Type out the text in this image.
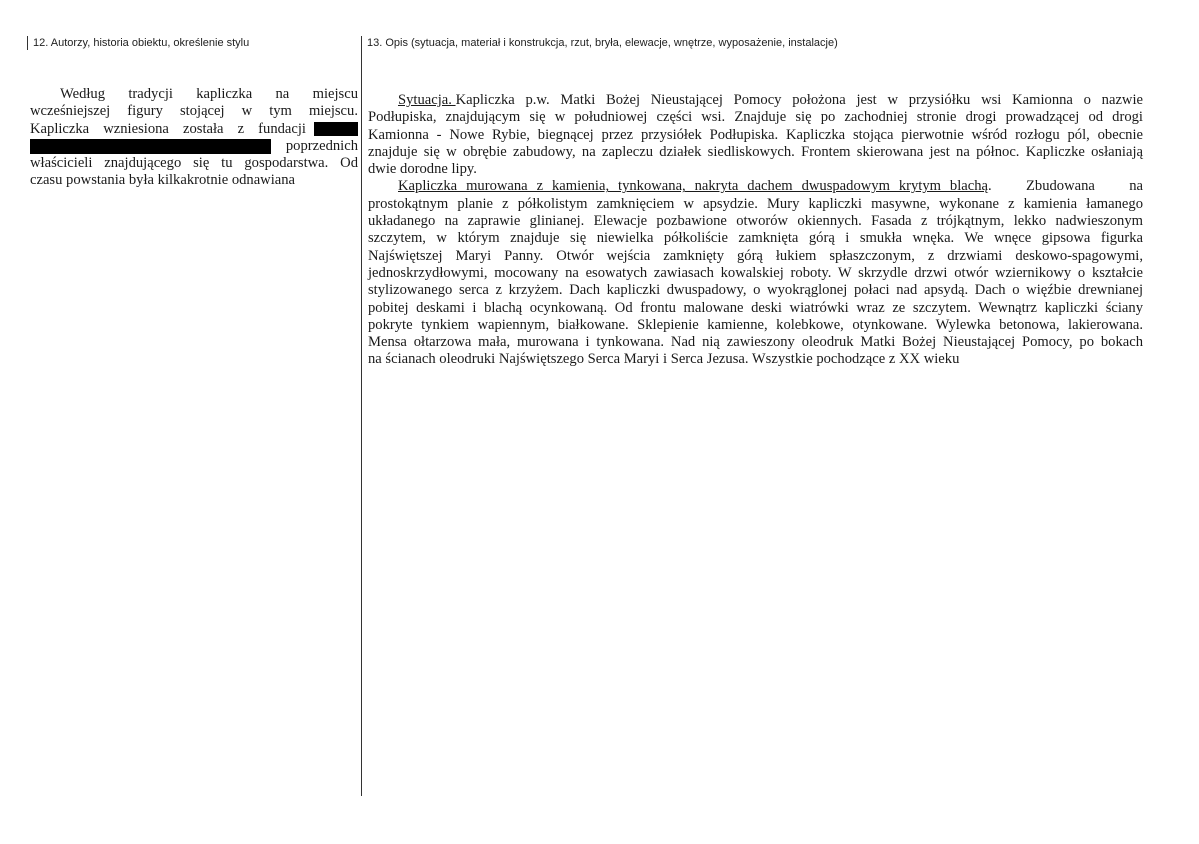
12. Autorzy, historia obiektu, określenie stylu	13. Opis (sytuacja, materiał i konstrukcja, rzut, bryła, elewacje, wnętrze, wyposażenie, instalacje)
Według tradycji kapliczka na miejscu
wcześniejszej figury stojącej w tym miejscu.
Kapliczka wzniesiona została z fundacji
poprzednich
właścicieli znajdującego się tu gospodarstwa. Od
czasu powstania była kilkakrotnie odnawiana
Sytuacja. Kapliczka p.w. Matki Bożej Nieustającej Pomocy położona jest w przysiółku wsi Kamionna o nazwie
Podłupiska, znajdującym się w południowej części wsi. Znajduje się po zachodniej stronie drogi prowadzącej od drogi
Kamionna - Nowe Rybie, biegnącej przez przysiółek Podłupiska. Kapliczka stojąca pierwotnie wśród rozłogu pól, obecnie
znajduje się w obrębie zabudowy, na zapleczu działek siedliskowych. Frontem skierowana jest na północ. Kapliczke osłaniają
dwie dorodne lipy.
Kapliczka murowana z kamienia, tynkowana, nakryta dachem dwuspadowym krytym blachą . Zbudowana na
prostokątnym planie z półkolistym zamknięciem w apsydzie. Mury kapliczki masywne, wykonane z kamienia łamanego
układanego na zaprawie glinianej. Elewacje pozbawione otworów okiennych. Fasada z trójkątnym, lekko nadwieszonym
szczytem, w którym znajduje się niewielka półkoliście zamknięta górą i smukła wnęka. We wnęce gipsowa figurka
Najświętszej Maryi Panny. Otwór wejścia zamknięty górą łukiem spłaszczonym, z drzwiami deskowo-spagowymi,
jednoskrzydłowymi, mocowany na esowatych zawiasach kowalskiej roboty. W skrzydle drzwi otwór wziernikowy o kształcie
stylizowanego serca z krzyżem. Dach kapliczki dwuspadowy, o wyokrąglonej połaci nad apsydą. Dach o więźbie drewnianej
pobitej deskami i blachą ocynkowaną. Od frontu malowane deski wiatrówki wraz ze szczytem. Wewnątrz kapliczki ściany
pokryte tynkiem wapiennym, białkowane. Sklepienie kamienne, kolebkowe, otynkowane. Wylewka betonowa, lakierowana.
Mensa ołtarzowa mała, murowana i tynkowana. Nad nią zawieszony oleodruk Matki Bożej Nieustającej Pomocy, po bokach
na ścianach oleodruki Najświętszego Serca Maryi i Serca Jezusa. Wszystkie pochodzące z XX wieku
